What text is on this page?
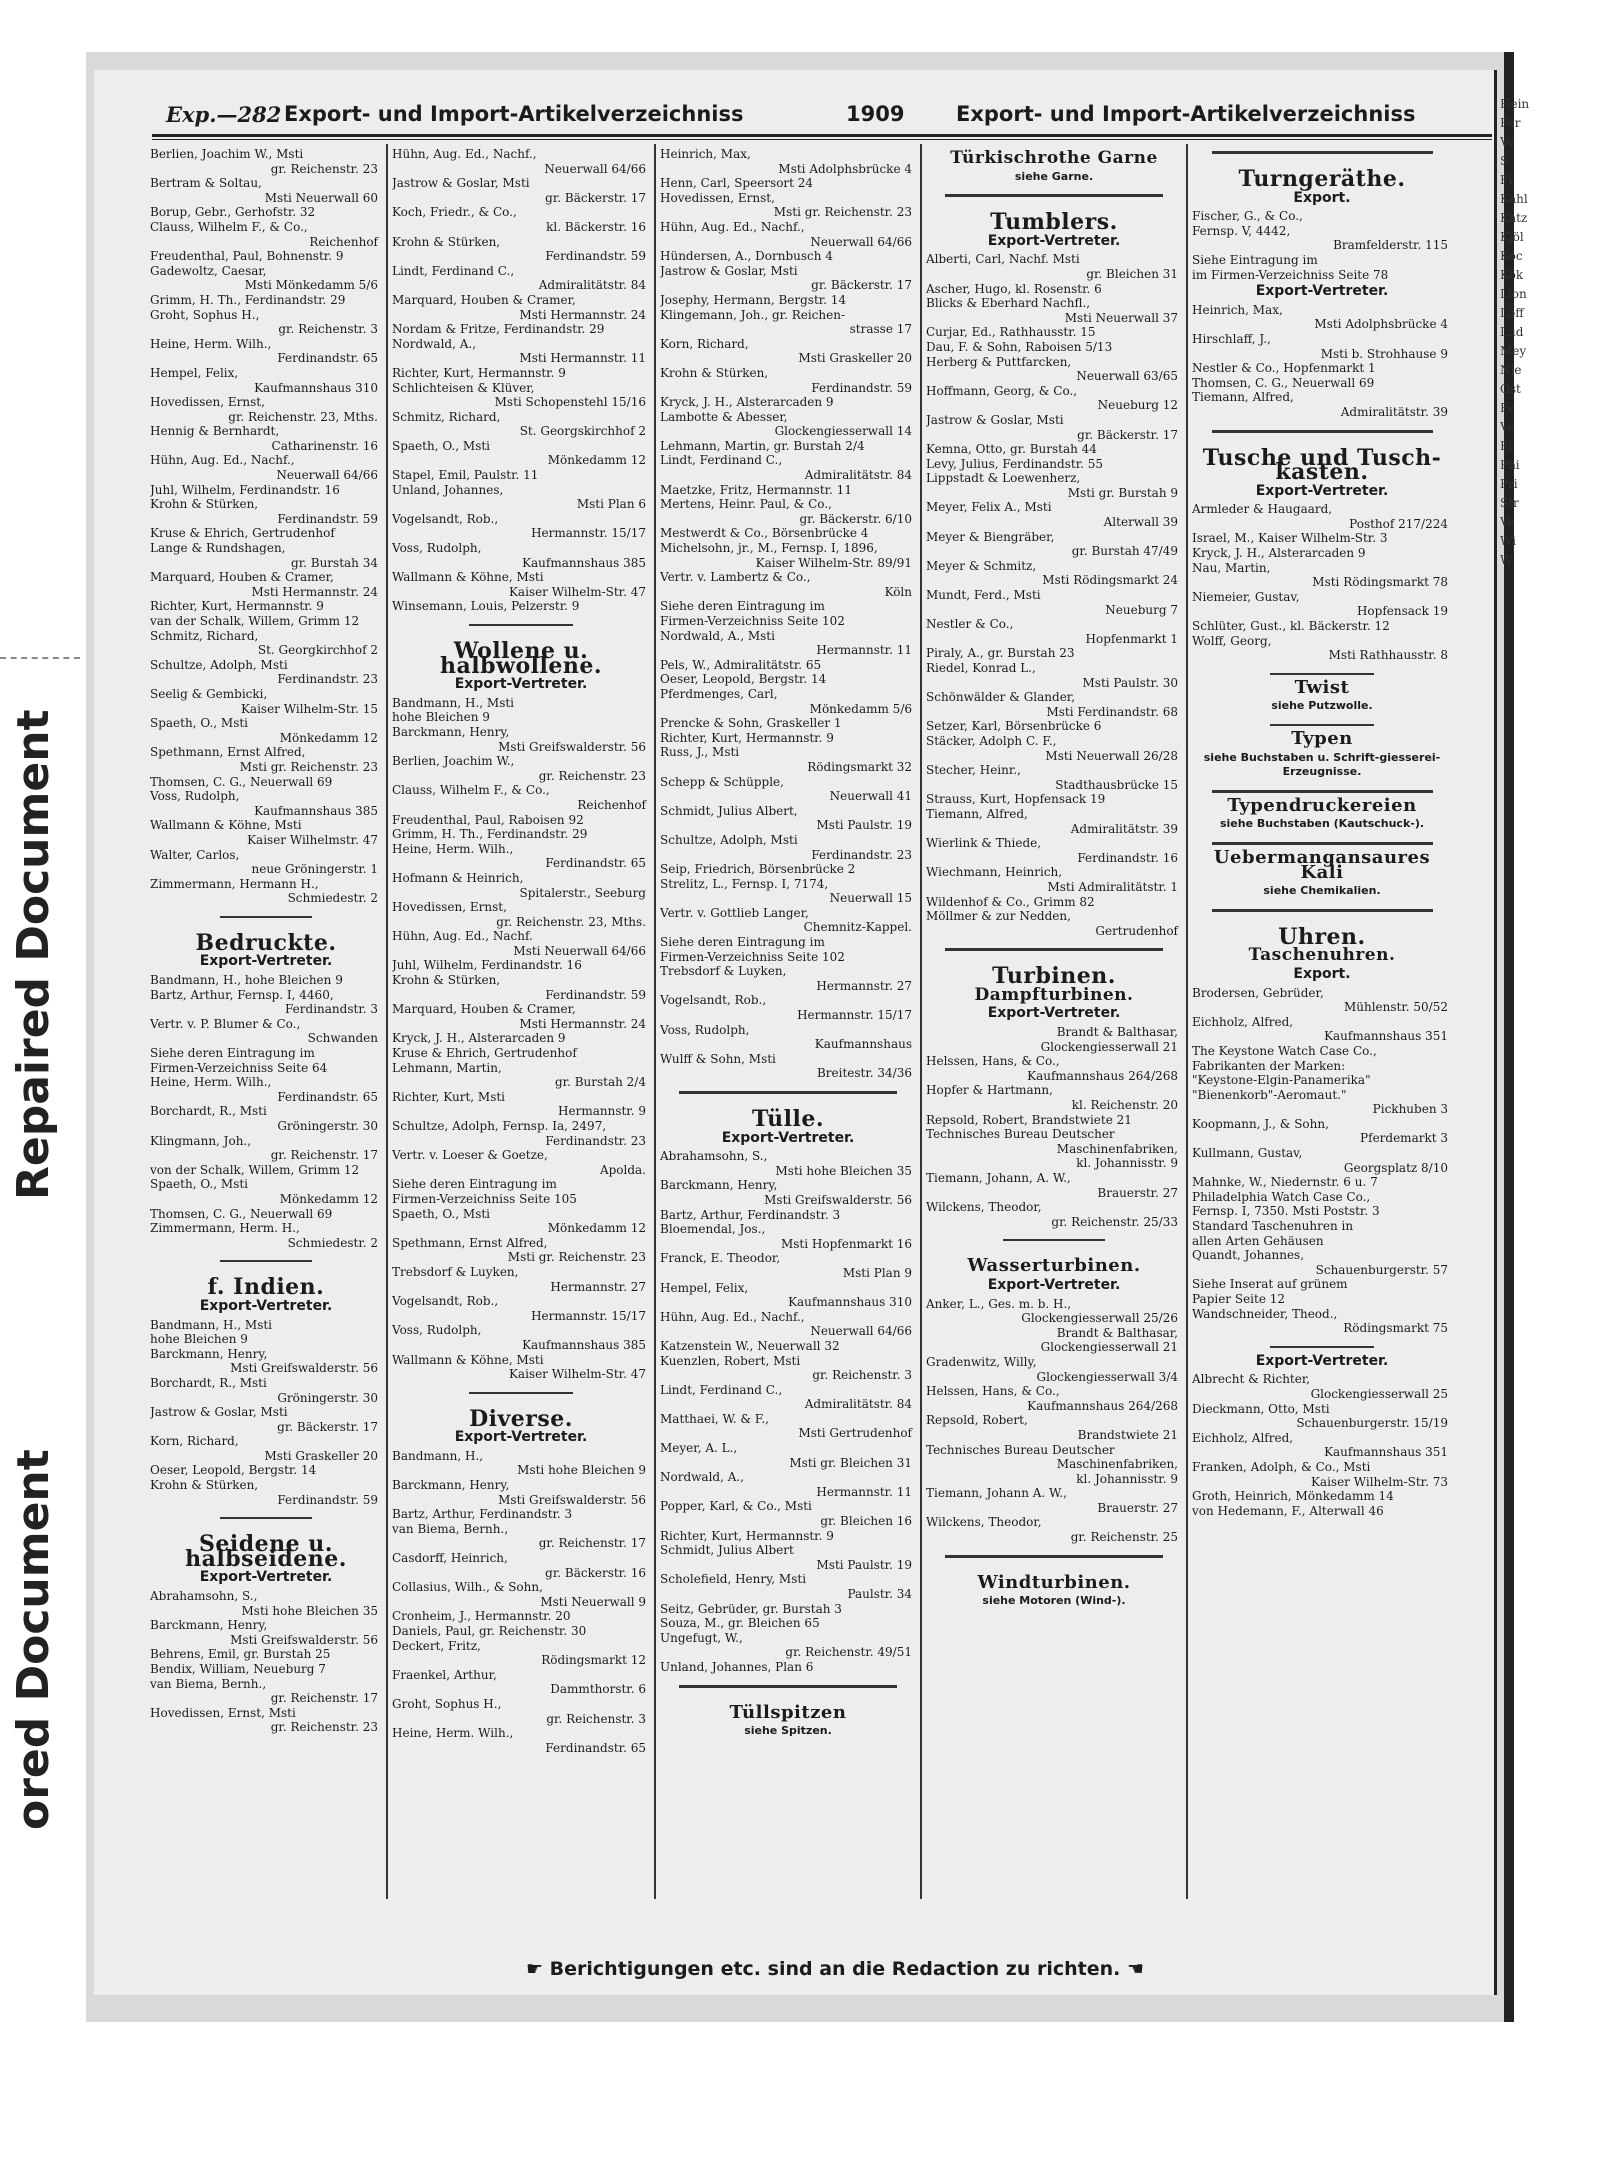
Repaired Document
ored Document
Exp.—282 Export- und Import-Artikelverzeichniss	1909 Export- und Import-Artikelverzeichniss
Berlien, Joachim W., Msti
gr. Reichenstr. 23
Bertram & Soltau,
Msti Neuerwall 60
Borup, Gebr., Gerhofstr. 32
Clauss, Wilhelm F., & Co.,
Reichenhof
Freudenthal, Paul, Bohnenstr. 9
Gadewoltz, Caesar,
Msti Mönkedamm 5/6
Grimm, H. Th., Ferdinandstr. 29
Groht, Sophus H.,
gr. Reichenstr. 3
Heine, Herm. Wilh.,
Ferdinandstr. 65
Hempel, Felix,
Kaufmannshaus 310
Hovedissen, Ernst,
gr. Reichenstr. 23, Mths.
Hennig & Bernhardt,
Catharinenstr. 16
Hühn, Aug. Ed., Nachf.,
Neuerwall 64/66
Juhl, Wilhelm, Ferdinandstr. 16
Krohn & Stürken,
Ferdinandstr. 59
Kruse & Ehrich, Gertrudenhof
Lange & Rundshagen,
gr. Burstah 34
Marquard, Houben & Cramer,
Msti Hermannstr. 24
Richter, Kurt, Hermannstr. 9
van der Schalk, Willem, Grimm 12
Schmitz, Richard,
St. Georgkirchhof 2
Schultze, Adolph, Msti
Ferdinandstr. 23
Seelig & Gembicki,
Kaiser Wilhelm-Str. 15
Spaeth, O., Msti
Mönkedamm 12
Spethmann, Ernst Alfred,
Msti gr. Reichenstr. 23
Thomsen, C. G., Neuerwall 69
Voss, Rudolph,
Kaufmannshaus 385
Wallmann & Köhne, Msti
Kaiser Wilhelmstr. 47
Walter, Carlos,
neue Gröningerstr. 1
Zimmermann, Hermann H.,
Schmiedestr. 2
Bedruckte.
Export-Vertreter.
Bandmann, H., hohe Bleichen 9
Bartz, Arthur, Fernsp. I, 4460,
Ferdinandstr. 3
Vertr. v. P. Blumer & Co.,
Schwanden
Siehe deren Eintragung im
Firmen-Verzeichniss Seite 64
Heine, Herm. Wilh.,
Ferdinandstr. 65
Borchardt, R., Msti
Gröningerstr. 30
Klingmann, Joh.,
gr. Reichenstr. 17
von der Schalk, Willem, Grimm 12
Spaeth, O., Msti
Mönkedamm 12
Thomsen, C. G., Neuerwall 69
Zimmermann, Herm. H.,
Schmiedestr. 2
f. Indien.
Export-Vertreter.
Bandmann, H., Msti
hohe Bleichen 9
Barckmann, Henry,
Msti Greifswalderstr. 56
Borchardt, R., Msti
Gröningerstr. 30
Jastrow & Goslar, Msti
gr. Bäckerstr. 17
Korn, Richard,
Msti Graskeller 20
Oeser, Leopold, Bergstr. 14
Krohn & Stürken,
Ferdinandstr. 59
Seidene u. halbseidene.
Export-Vertreter.
Abrahamsohn, S.,
Msti hohe Bleichen 35
Barckmann, Henry,
Msti Greifswalderstr. 56
Behrens, Emil, gr. Burstah 25
Bendix, William, Neueburg 7
van Biema, Bernh.,
gr. Reichenstr. 17
Hovedissen, Ernst, Msti
gr. Reichenstr. 23
Hühn, Aug. Ed., Nachf.,
Neuerwall 64/66
Jastrow & Goslar, Msti
gr. Bäckerstr. 17
Koch, Friedr., & Co.,
kl. Bäckerstr. 16
Krohn & Stürken,
Ferdinandstr. 59
Lindt, Ferdinand C.,
Admiralitätstr. 84
Marquard, Houben & Cramer,
Msti Hermannstr. 24
Nordam & Fritze, Ferdinandstr. 29
Nordwald, A.,
Msti Hermannstr. 11
Richter, Kurt, Hermannstr. 9
Schlichteisen & Klüver,
Msti Schopenstehl 15/16
Schmitz, Richard,
St. Georgskirchhof 2
Spaeth, O., Msti
Mönkedamm 12
Stapel, Emil, Paulstr. 11
Unland, Johannes,
Msti Plan 6
Vogelsandt, Rob.,
Hermannstr. 15/17
Voss, Rudolph,
Kaufmannshaus 385
Wallmann & Köhne, Msti
Kaiser Wilhelm-Str. 47
Winsemann, Louis, Pelzerstr. 9
Wollene u. halbwollene.
Export-Vertreter.
Bandmann, H., Msti
hohe Bleichen 9
Barckmann, Henry,
Msti Greifswalderstr. 56
Berlien, Joachim W.,
gr. Reichenstr. 23
Clauss, Wilhelm F., & Co.,
Reichenhof
Freudenthal, Paul, Raboisen 92
Grimm, H. Th., Ferdinandstr. 29
Heine, Herm. Wilh.,
Ferdinandstr. 65
Hofmann & Heinrich,
Spitalerstr., Seeburg
Hovedissen, Ernst,
gr. Reichenstr. 23, Mths.
Hühn, Aug. Ed., Nachf.
Msti Neuerwall 64/66
Juhl, Wilhelm, Ferdinandstr. 16
Krohn & Stürken,
Ferdinandstr. 59
Marquard, Houben & Cramer,
Msti Hermannstr. 24
Kryck, J. H., Alsterarcaden 9
Kruse & Ehrich, Gertrudenhof
Lehmann, Martin,
gr. Burstah 2/4
Richter, Kurt, Msti
Hermannstr. 9
Schultze, Adolph, Fernsp. Ia, 2497,
Ferdinandstr. 23
Vertr. v. Loeser & Goetze,
Apolda.
Siehe deren Eintragung im
Firmen-Verzeichniss Seite 105
Spaeth, O., Msti
Mönkedamm 12
Spethmann, Ernst Alfred,
Msti gr. Reichenstr. 23
Trebsdorf & Luyken,
Hermannstr. 27
Vogelsandt, Rob.,
Hermannstr. 15/17
Voss, Rudolph,
Kaufmannshaus 385
Wallmann & Köhne, Msti
Kaiser Wilhelm-Str. 47
Diverse.
Export-Vertreter.
Bandmann, H.,
Msti hohe Bleichen 9
Barckmann, Henry,
Msti Greifswalderstr. 56
Bartz, Arthur, Ferdinandstr. 3
van Biema, Bernh.,
gr. Reichenstr. 17
Casdorff, Heinrich,
gr. Bäckerstr. 16
Collasius, Wilh., & Sohn,
Msti Neuerwall 9
Cronheim, J., Hermannstr. 20
Daniels, Paul, gr. Reichenstr. 30
Deckert, Fritz,
Rödingsmarkt 12
Fraenkel, Arthur,
Dammthorstr. 6
Groht, Sophus H.,
gr. Reichenstr. 3
Heine, Herm. Wilh.,
Ferdinandstr. 65
Heinrich, Max,
Msti Adolphsbrücke 4
Henn, Carl, Speersort 24
Hovedissen, Ernst,
Msti gr. Reichenstr. 23
Hühn, Aug. Ed., Nachf.,
Neuerwall 64/66
Hündersen, A., Dornbusch 4
Jastrow & Goslar, Msti
gr. Bäckerstr. 17
Josephy, Hermann, Bergstr. 14
Klingemann, Joh., gr. Reichen-
strasse 17
Korn, Richard,
Msti Graskeller 20
Krohn & Stürken,
Ferdinandstr. 59
Kryck, J. H., Alsterarcaden 9
Lambotte & Abesser,
Glockengiesserwall 14
Lehmann, Martin, gr. Burstah 2/4
Lindt, Ferdinand C.,
Admiralitätstr. 84
Maetzke, Fritz, Hermannstr. 11
Mertens, Heinr. Paul, & Co.,
gr. Bäckerstr. 6/10
Mestwerdt & Co., Börsenbrücke 4
Michelsohn, jr., M., Fernsp. I, 1896,
Kaiser Wilhelm-Str. 89/91
Vertr. v. Lambertz & Co.,
Köln
Siehe deren Eintragung im
Firmen-Verzeichniss Seite 102
Nordwald, A., Msti
Hermannstr. 11
Pels, W., Admiralitätstr. 65
Oeser, Leopold, Bergstr. 14
Pferdmenges, Carl,
Mönkedamm 5/6
Prencke & Sohn, Graskeller 1
Richter, Kurt, Hermannstr. 9
Russ, J., Msti
Rödingsmarkt 32
Schepp & Schüpple,
Neuerwall 41
Schmidt, Julius Albert,
Msti Paulstr. 19
Schultze, Adolph, Msti
Ferdinandstr. 23
Seip, Friedrich, Börsenbrücke 2
Strelitz, L., Fernsp. I, 7174,
Neuerwall 15
Vertr. v. Gottlieb Langer,
Chemnitz-Kappel.
Siehe deren Eintragung im
Firmen-Verzeichniss Seite 102
Trebsdorf & Luyken,
Hermannstr. 27
Vogelsandt, Rob.,
Hermannstr. 15/17
Voss, Rudolph,
Kaufmannshaus
Wulff & Sohn, Msti
Breitestr. 34/36
Tülle.
Export-Vertreter.
Abrahamsohn, S.,
Msti hohe Bleichen 35
Barckmann, Henry,
Msti Greifswalderstr. 56
Bartz, Arthur, Ferdinandstr. 3
Bloemendal, Jos.,
Msti Hopfenmarkt 16
Franck, E. Theodor,
Msti Plan 9
Hempel, Felix,
Kaufmannshaus 310
Hühn, Aug. Ed., Nachf.,
Neuerwall 64/66
Katzenstein W., Neuerwall 32
Kuenzlen, Robert, Msti
gr. Reichenstr. 3
Lindt, Ferdinand C.,
Admiralitätstr. 84
Matthaei, W. & F.,
Msti Gertrudenhof
Meyer, A. L.,
Msti gr. Bleichen 31
Nordwald, A.,
Hermannstr. 11
Popper, Karl, & Co., Msti
gr. Bleichen 16
Richter, Kurt, Hermannstr. 9
Schmidt, Julius Albert
Msti Paulstr. 19
Scholefield, Henry, Msti
Paulstr. 34
Seitz, Gebrüder, gr. Burstah 3
Souza, M., gr. Bleichen 65
Ungefugt, W.,
gr. Reichenstr. 49/51
Unland, Johannes, Plan 6
Tüllspitzen
siehe Spitzen.
Türkischrothe Garne
siehe Garne.
Tumblers.
Export-Vertreter.
Alberti, Carl, Nachf. Msti
gr. Bleichen 31
Ascher, Hugo, kl. Rosenstr. 6
Blicks & Eberhard Nachfl.,
Msti Neuerwall 37
Curjar, Ed., Rathhausstr. 15
Dau, F. & Sohn, Raboisen 5/13
Herberg & Puttfarcken,
Neuerwall 63/65
Hoffmann, Georg, & Co.,
Neueburg 12
Jastrow & Goslar, Msti
gr. Bäckerstr. 17
Kemna, Otto, gr. Burstah 44
Levy, Julius, Ferdinandstr. 55
Lippstadt & Loewenherz,
Msti gr. Burstah 9
Meyer, Felix A., Msti
Alterwall 39
Meyer & Biengräber,
gr. Burstah 47/49
Meyer & Schmitz,
Msti Rödingsmarkt 24
Mundt, Ferd., Msti
Neueburg 7
Nestler & Co.,
Hopfenmarkt 1
Piraly, A., gr. Burstah 23
Riedel, Konrad L.,
Msti Paulstr. 30
Schönwälder & Glander,
Msti Ferdinandstr. 68
Setzer, Karl, Börsenbrücke 6
Stäcker, Adolph C. F.,
Msti Neuerwall 26/28
Stecher, Heinr.,
Stadthausbrücke 15
Strauss, Kurt, Hopfensack 19
Tiemann, Alfred,
Admiralitätstr. 39
Wierlink & Thiede,
Ferdinandstr. 16
Wiechmann, Heinrich,
Msti Admiralitätstr. 1
Wildenhof & Co., Grimm 82
Möllmer & zur Nedden,
Gertrudenhof
Turbinen.
Dampfturbinen.
Export-Vertreter.
Brandt & Balthasar,
Glockengiesserwall 21
Helssen, Hans, & Co.,
Kaufmannshaus 264/268
Hopfer & Hartmann,
kl. Reichenstr. 20
Repsold, Robert, Brandstwiete 21
Technisches Bureau Deutscher
Maschinenfabriken,
kl. Johannisstr. 9
Tiemann, Johann, A. W.,
Brauerstr. 27
Wilckens, Theodor,
gr. Reichenstr. 25/33
Wasserturbinen.
Export-Vertreter.
Anker, L., Ges. m. b. H.,
Glockengiesserwall 25/26
Brandt & Balthasar,
Glockengiesserwall 21
Gradenwitz, Willy,
Glockengiesserwall 3/4
Helssen, Hans, & Co.,
Kaufmannshaus 264/268
Repsold, Robert,
Brandstwiete 21
Technisches Bureau Deutscher
Maschinenfabriken,
kl. Johannisstr. 9
Tiemann, Johann A. W.,
Brauerstr. 27
Wilckens, Theodor,
gr. Reichenstr. 25
Windturbinen.
siehe Motoren (Wind-).
Turngeräthe.
Export.
Fischer, G., & Co.,
Fernsp. V, 4442,
Bramfelderstr. 115
Siehe Eintragung im
im Firmen-Verzeichniss Seite 78
Export-Vertreter.
Heinrich, Max,
Msti Adolphsbrücke 4
Hirschlaff, J.,
Msti b. Strohhause 9
Nestler & Co., Hopfenmarkt 1
Thomsen, C. G., Neuerwall 69
Tiemann, Alfred,
Admiralitätstr. 39
Tusche und Tusch-kasten.
Export-Vertreter.
Armleder & Haugaard,
Posthof 217/224
Israel, M., Kaiser Wilhelm-Str. 3
Kryck, J. H., Alsterarcaden 9
Nau, Martin,
Msti Rödingsmarkt 78
Niemeier, Gustav,
Hopfensack 19
Schlüter, Gust., kl. Bäckerstr. 12
Wolff, Georg,
Msti Rathhausstr. 8
Twist
siehe Putzwolle.
Typen
siehe Buchstaben u. Schrift-giesserei-Erzeugnisse.
Typendruckereien
siehe Buchstaben (Kautschuck-).
Uebermangansaures Kali
siehe Chemikalien.
Uhren.
Taschenuhren.
Export.
Brodersen, Gebrüder,
Mühlenstr. 50/52
Eichholz, Alfred,
Kaufmannshaus 351
The Keystone Watch Case Co.,
Fabrikanten der Marken:
"Keystone-Elgin-Panamerika"
"Bienenkorb"-Aeromaut."
Pickhuben 3
Koopmann, J., & Sohn,
Pferdemarkt 3
Kullmann, Gustav,
Georgsplatz 8/10
Mahnke, W., Niedernstr. 6 u. 7
Philadelphia Watch Case Co.,
Fernsp. I, 7350. Msti Poststr. 3
Standard Taschenuhren in
allen Arten Gehäusen
Quandt, Johannes,
Schauenburgerstr. 57
Siehe Inserat auf grünem
Papier Seite 12
Wandschneider, Theod.,
Rödingsmarkt 75
Export-Vertreter.
Albrecht & Richter,
Glockengiesserwall 25
Dieckmann, Otto, Msti
Schauenburgerstr. 15/19
Eichholz, Alfred,
Kaufmannshaus 351
Franken, Adolph, & Co., Msti
Kaiser Wilhelm-Str. 73
Groth, Heinrich, Mönkedamm 14
von Hedemann, F., Alterwall 46
☛ Berichtigungen etc. sind an die Redaction zu richten. ☚
Hein
Fer
Ve
S
Fi
Kahl
Katz
Kjöl
Koc
Kok
Lion
Löff
Lüd
Mey
Nie
Ost
Fe
Ve
Fi
Phi
Pri
Str
Ve
Wi
W
